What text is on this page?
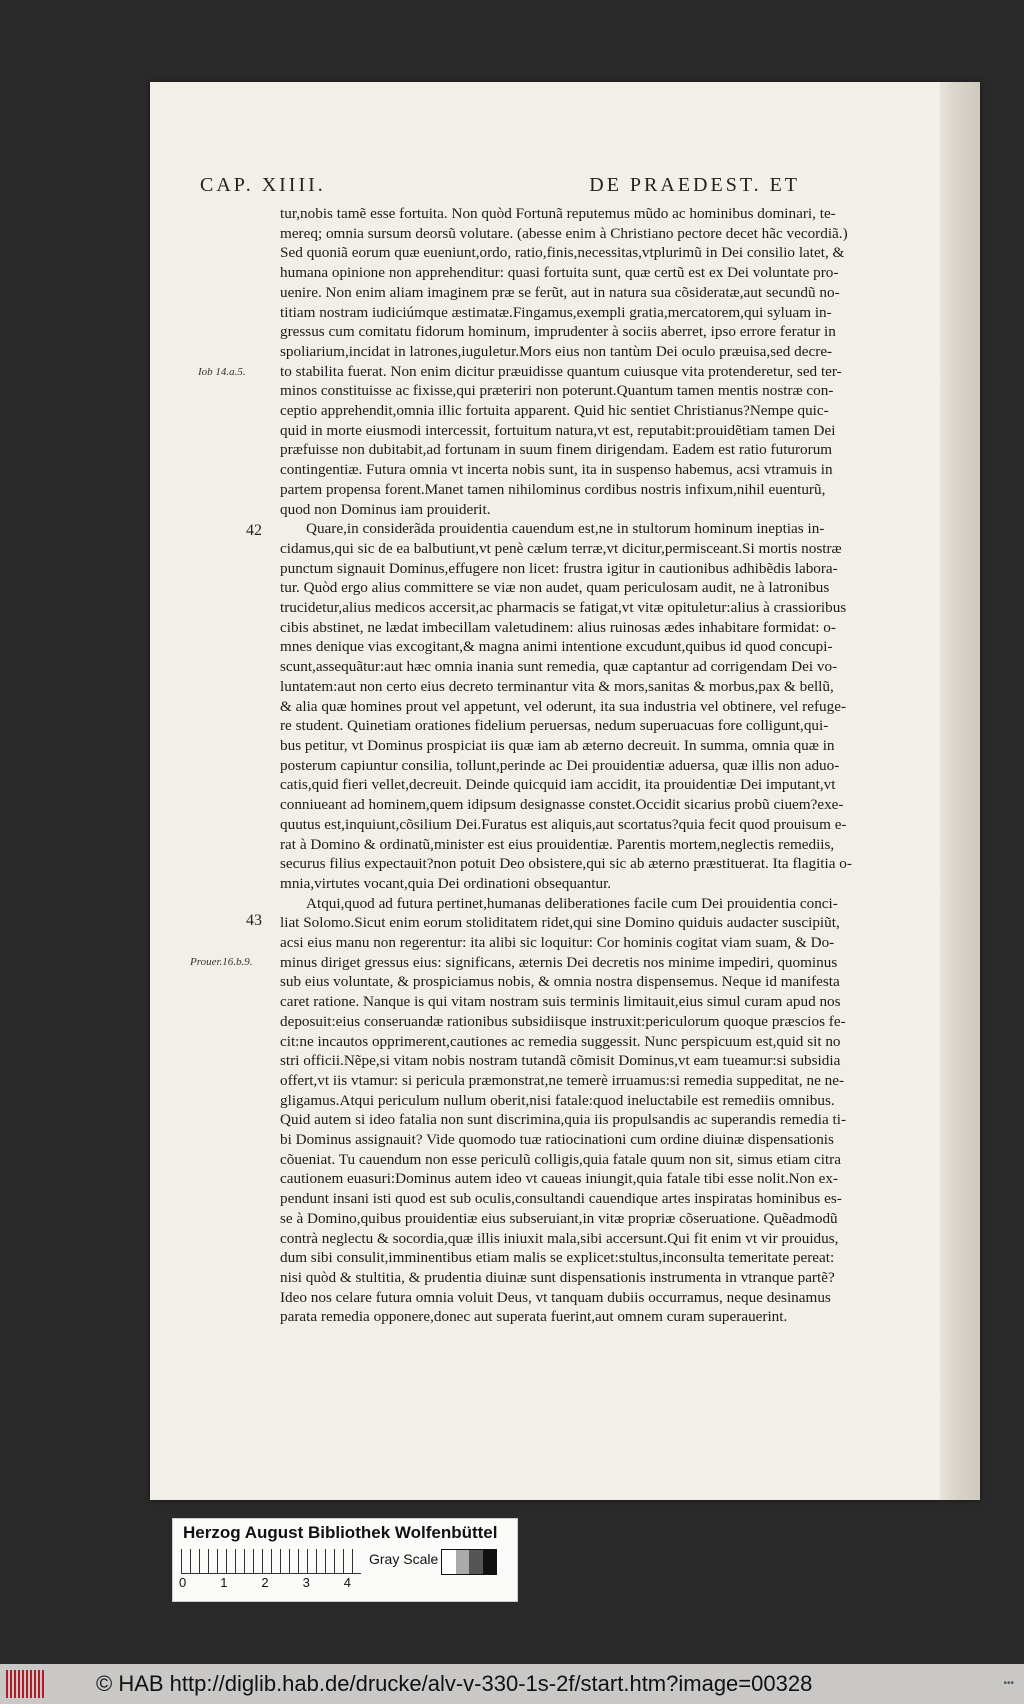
CAP. XIIII.	DE PRAEDEST. ET
Iob 14.a.5.
Prouer.16.b.9.
42
43
tur,nobis tamẽ esse fortuita. Non quòd Fortunã reputemus mũdo ac hominibus dominari, te-
mereq; omnia sursum deorsũ volutare. (abesse enim à Christiano pectore decet hãc vecordiã.)
Sed quoniã eorum quæ eueniunt,ordo, ratio,finis,necessitas,vtplurimũ in Dei consilio latet, &
humana opinione non apprehenditur: quasi fortuita sunt, quæ certũ est ex Dei voluntate pro-
uenire. Non enim aliam imaginem præ se ferũt, aut in natura sua cõsideratæ,aut secundũ no-
titiam nostram iudiciúmque æstimatæ.Fingamus,exempli gratia,mercatorem,qui syluam in-
gressus cum comitatu fidorum hominum, imprudenter à sociis aberret, ipso errore feratur in
spoliarium,incidat in latrones,iuguletur.Mors eius non tantùm Dei oculo præuisa,sed decre-
to stabilita fuerat. Non enim dicitur præuidisse quantum cuiusque vita protenderetur, sed ter-
minos constituisse ac fixisse,qui præteriri non poterunt.Quantum tamen mentis nostræ con-
ceptio apprehendit,omnia illic fortuita apparent. Quid hic sentiet Christianus?Nempe quic-
quid in morte eiusmodi intercessit, fortuitum natura,vt est, reputabit:prouidẽtiam tamen Dei
præfuisse non dubitabit,ad fortunam in suum finem dirigendam. Eadem est ratio futurorum
contingentiæ. Futura omnia vt incerta nobis sunt, ita in suspenso habemus, acsi vtramuis in
partem propensa forent.Manet tamen nihilominus cordibus nostris infixum,nihil euenturũ,
quod non Dominus iam prouiderit.
Quare,in considerãda prouidentia cauendum est,ne in stultorum hominum ineptias in-
cidamus,qui sic de ea balbutiunt,vt penè cælum terræ,vt dicitur,permisceant.Si mortis nostræ
punctum signauit Dominus,effugere non licet: frustra igitur in cautionibus adhibẽdis labora-
tur. Quòd ergo alius committere se viæ non audet, quam periculosam audit, ne à latronibus
trucidetur,alius medicos accersit,ac pharmacis se fatigat,vt vitæ opituletur:alius à crassioribus
cibis abstinet, ne lædat imbecillam valetudinem: alius ruinosas ædes inhabitare formidat: o-
mnes denique vias excogitant,& magna animi intentione excudunt,quibus id quod concupi-
scunt,assequãtur:aut hæc omnia inania sunt remedia, quæ captantur ad corrigendam Dei vo-
luntatem:aut non certo eius decreto terminantur vita & mors,sanitas & morbus,pax & bellũ,
& alia quæ homines prout vel appetunt, vel oderunt, ita sua industria vel obtinere, vel refuge-
re student. Quinetiam orationes fidelium peruersas, nedum superuacuas fore colligunt,qui-
bus petitur, vt Dominus prospiciat iis quæ iam ab æterno decreuit. In summa, omnia quæ in
posterum capiuntur consilia, tollunt,perinde ac Dei prouidentiæ aduersa, quæ illis non aduo-
catis,quid fieri vellet,decreuit. Deinde quicquid iam accidit, ita prouidentiæ Dei imputant,vt
conniueant ad hominem,quem idipsum designasse constet.Occidit sicarius probũ ciuem?exe-
quutus est,inquiunt,cõsilium Dei.Furatus est aliquis,aut scortatus?quia fecit quod prouisum e-
rat à Domino & ordinatũ,minister est eius prouidentiæ. Parentis mortem,neglectis remediis,
securus filius expectauit?non potuit Deo obsistere,qui sic ab æterno præstituerat. Ita flagitia o-
mnia,virtutes vocant,quia Dei ordinationi obsequantur.
Atqui,quod ad futura pertinet,humanas deliberationes facile cum Dei prouidentia conci-
liat Solomo.Sicut enim eorum stoliditatem ridet,qui sine Domino quiduis audacter suscipiũt,
acsi eius manu non regerentur: ita alibi sic loquitur: Cor hominis cogitat viam suam, & Do-
minus diriget gressus eius: significans, æternis Dei decretis nos minime impediri, quominus
sub eius voluntate, & prospiciamus nobis, & omnia nostra dispensemus. Neque id manifesta
caret ratione. Nanque is qui vitam nostram suis terminis limitauit,eius simul curam apud nos
deposuit:eius conseruandæ rationibus subsidiisque instruxit:periculorum quoque præscios fe-
cit:ne incautos opprimerent,cautiones ac remedia suggessit. Nunc perspicuum est,quid sit no
stri officii.Nẽpe,si vitam nobis nostram tutandã cõmisit Dominus,vt eam tueamur:si subsidia
offert,vt iis vtamur: si pericula præmonstrat,ne temerè irruamus:si remedia suppeditat, ne ne-
gligamus.Atqui periculum nullum oberit,nisi fatale:quod ineluctabile est remediis omnibus.
Quid autem si ideo fatalia non sunt discrimina,quia iis propulsandis ac superandis remedia ti-
bi Dominus assignauit? Vide quomodo tuæ ratiocinationi cum ordine diuinæ dispensationis
cõueniat. Tu cauendum non esse periculũ colligis,quia fatale quum non sit, simus etiam citra
cautionem euasuri:Dominus autem ideo vt caueas iniungit,quia fatale tibi esse nolit.Non ex-
pendunt insani isti quod est sub oculis,consultandi cauendique artes inspiratas hominibus es-
se à Domino,quibus prouidentiæ eius subseruiant,in vitæ propriæ cõseruatione. Quẽadmodũ
contrà neglectu & socordia,quæ illis iniuxit mala,sibi accersunt.Qui fit enim vt vir prouidus,
dum sibi consulit,imminentibus etiam malis se explicet:stultus,inconsulta temeritate pereat:
nisi quòd & stultitia, & prudentia diuinæ sunt dispensationis instrumenta in vtranque partẽ?
Ideo nos celare futura omnia voluit Deus, vt tanquam dubiis occurramus, neque desinamus
parata remedia opponere,donec aut superata fuerint,aut omnem curam superauerint.
Herzog August Bibliothek Wolfenbüttel
0	1	2	3	4
Gray Scale
© HAB http://diglib.hab.de/drucke/alv-v-330-1s-2f/start.htm?image=00328	•••
